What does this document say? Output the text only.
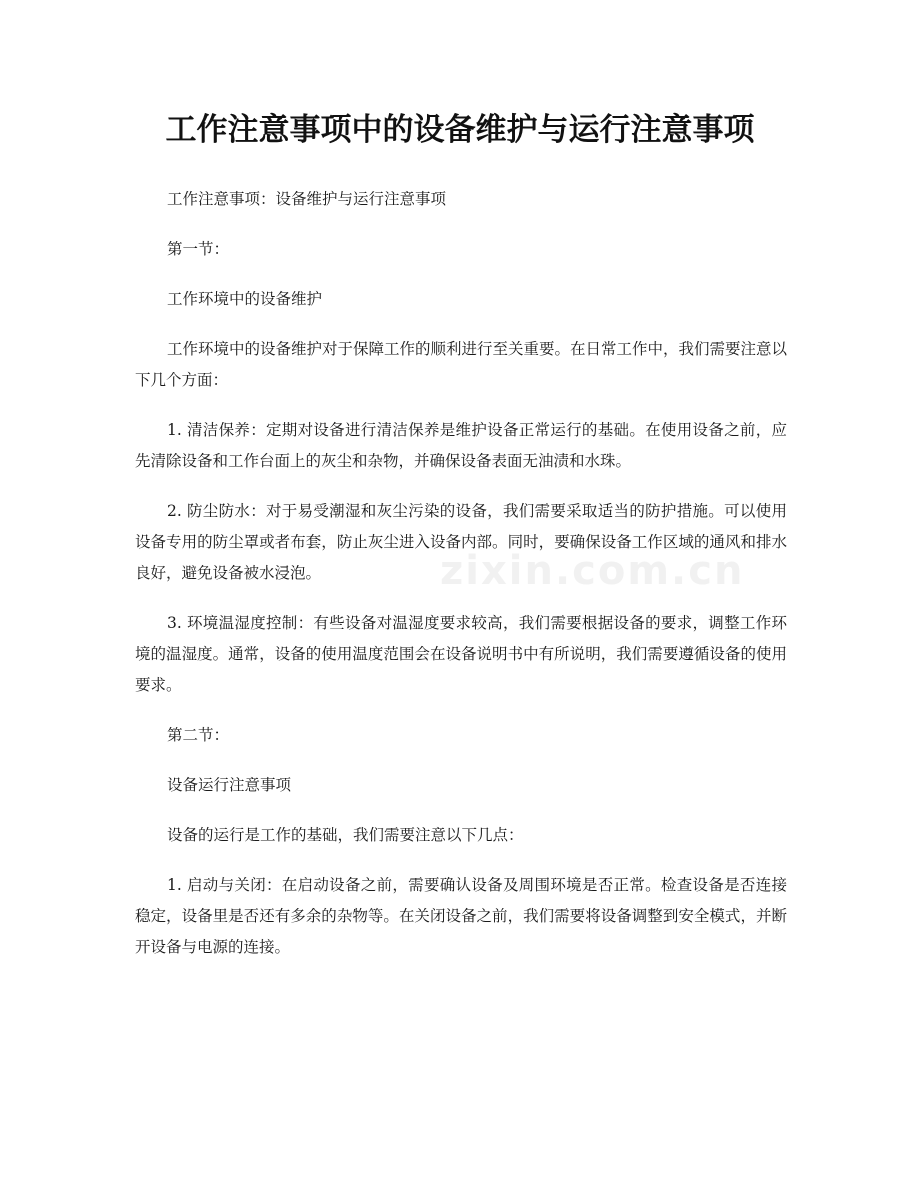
工作注意事项中的设备维护与运行注意事项

工作注意事项：设备维护与运行注意事项

第一节：

工作环境中的设备维护

工作环境中的设备维护对于保障工作的顺利进行至关重要。在日常工作中，我们需要注意以下几个方面：

1. 清洁保养：定期对设备进行清洁保养是维护设备正常运行的基础。在使用设备之前，应先清除设备和工作台面上的灰尘和杂物，并确保设备表面无油渍和水珠。

2. 防尘防水：对于易受潮湿和灰尘污染的设备，我们需要采取适当的防护措施。可以使用设备专用的防尘罩或者布套，防止灰尘进入设备内部。同时，要确保设备工作区域的通风和排水良好，避免设备被水浸泡。

3. 环境温湿度控制：有些设备对温湿度要求较高，我们需要根据设备的要求，调整工作环境的温湿度。通常，设备的使用温度范围会在设备说明书中有所说明，我们需要遵循设备的使用要求。

第二节：

设备运行注意事项

设备的运行是工作的基础，我们需要注意以下几点：

1. 启动与关闭：在启动设备之前，需要确认设备及周围环境是否正常。检查设备是否连接稳定，设备里是否还有多余的杂物等。在关闭设备之前，我们需要将设备调整到安全模式，并断开设备与电源的连接。

zixin.com.cn
